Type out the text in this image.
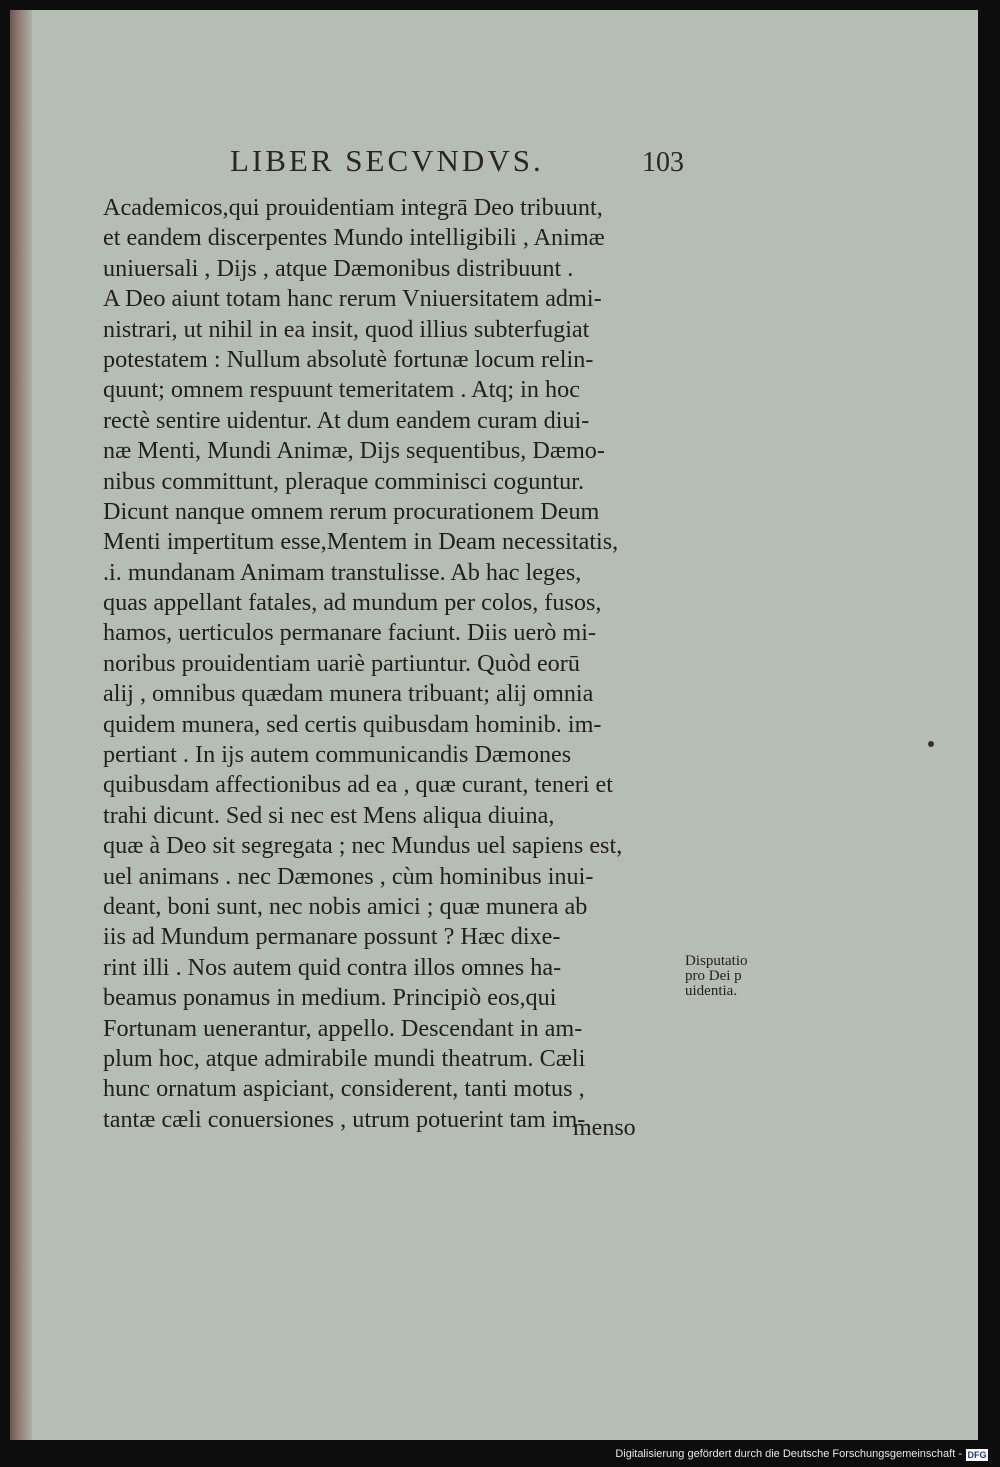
LIBER SECVNDVS.	103
Academicos,qui prouidentiam integrā Deo tribuunt,
et eandem discerpentes Mundo intelligibili , Animæ
uniuersali , Dijs , atque Dæmonibus distribuunt .
A Deo aiunt totam hanc rerum Vniuersitatem admi-
nistrari, ut nihil in ea insit, quod illius subterfugiat
potestatem : Nullum absolutè fortunæ locum relin-
quunt; omnem respuunt temeritatem . Atq; in hoc
rectè sentire uidentur. At dum eandem curam diui-
næ Menti, Mundi Animæ, Dijs sequentibus, Dæmo-
nibus committunt, pleraque comminisci coguntur.
Dicunt nanque omnem rerum procurationem Deum
Menti impertitum esse,Mentem in Deam necessitatis,
.i. mundanam Animam transtulisse. Ab hac leges,
quas appellant fatales, ad mundum per colos, fusos,
hamos, uerticulos permanare faciunt. Diis uerò mi-
noribus prouidentiam uariè partiuntur. Quòd eorū
alij , omnibus quædam munera tribuant; alij omnia
quidem munera, sed certis quibusdam hominib. im-
pertiant . In ijs autem communicandis Dæmones
quibusdam affectionibus ad ea , quæ curant, teneri et
trahi dicunt. Sed si nec est Mens aliqua diuina,
quæ à Deo sit segregata ; nec Mundus uel sapiens est,
uel animans . nec Dæmones , cùm hominibus inui-
deant, boni sunt, nec nobis amici ; quæ munera ab
iis ad Mundum permanare possunt ? Hæc dixe-
rint illi . Nos autem quid contra illos omnes ha-
beamus ponamus in medium. Principiò eos,qui
Fortunam uenerantur, appello. Descendant in am-
plum hoc, atque admirabile mundi theatrum. Cæli
hunc ornatum aspiciant, considerent, tanti motus ,
tantæ cæli conuersiones , utrum potuerint tam im-
menso
Disputatio
pro Dei p
uidentia.
Digitalisierung gefördert durch die Deutsche Forschungsgemeinschaft - DFG
